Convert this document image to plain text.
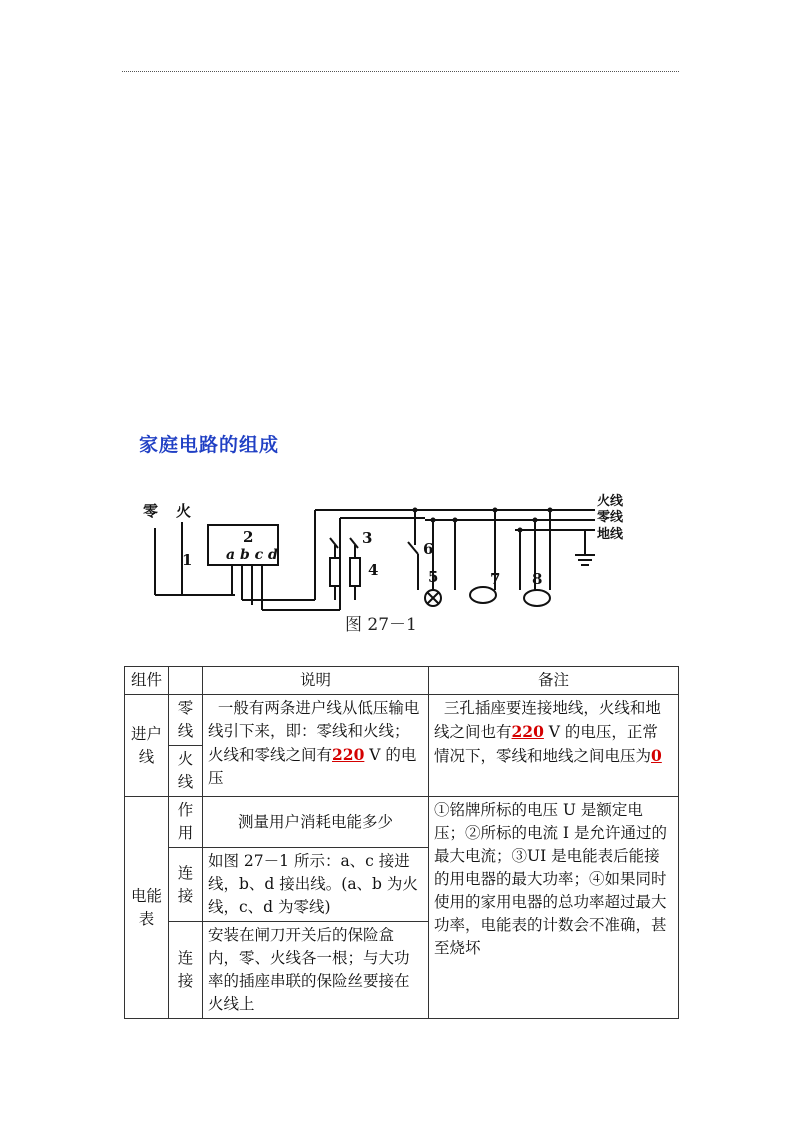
家庭电路的组成
零 火
1
2
a b c d
3
4	5
6
7 8
火线
零线
地线
图 27－1
组件		说明	备注
进户线	零线	一般有两条进户线从低压输电线引下来，即：零线和火线；火线和零线之间有220 V 的电压	三孔插座要连接地线，火线和地线之间也有220 V 的电压，正常情况下，零线和地线之间电压为0
	火线		
电能表	作用	测量用户消耗电能多少	①铭牌所标的电压 U 是额定电压；②所标的电流 I 是允许通过的最大电流；③UI 是电能表后能接的用电器的最大功率；④如果同时使用的家用电器的总功率超过最大功率，电能表的计数会不准确，甚至烧坏
	连接	如图 27－1 所示：a、c 接进线，b、d 接出线。(a、b 为火线，c、d 为零线)	
	连接	安装在闸刀开关后的保险盒内，零、火线各一根；与大功率的插座串联的保险丝要接在火线上	
